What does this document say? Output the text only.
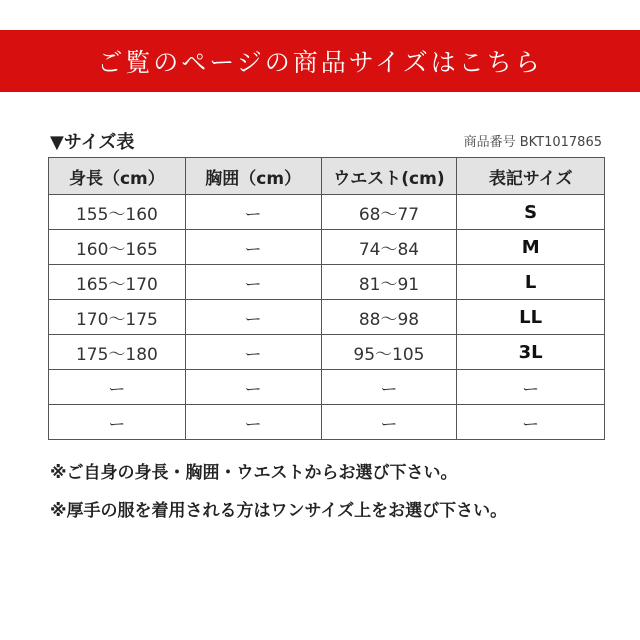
ご覧のページの商品サイズはこちら
▼サイズ表	商品番号 BKT1017865
身長（cm）	胸囲（cm）	ウエスト(cm)	表記サイズ
155～160	ー	68～77	S
160～165	ー	74～84	M
165～170	ー	81～91	L
170～175	ー	88～98	LL
175～180	ー	95～105	3L
ー	ー	ー	ー
ー	ー	ー	ー
※ご自身の身長・胸囲・ウエストからお選び下さい。
※厚手の服を着用される方はワンサイズ上をお選び下さい。
